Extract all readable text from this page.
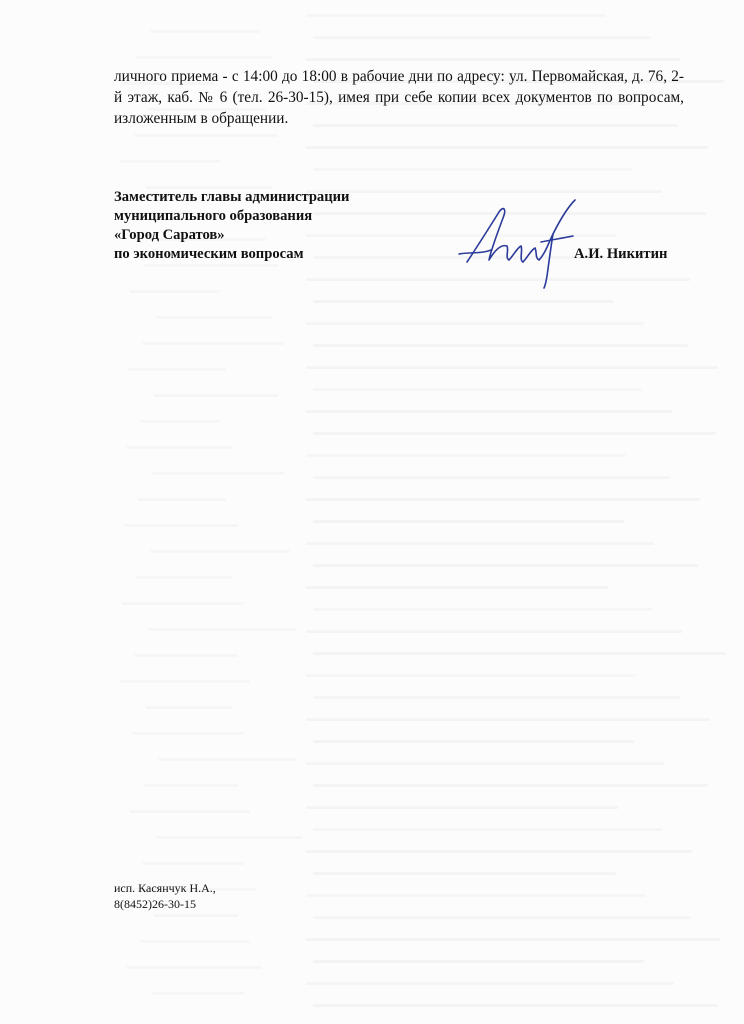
личного приема - с 14:00 до 18:00 в рабочие дни по адресу: ул. Первомайская, д. 76, 2-й этаж, каб. № 6 (тел. 26-30-15), имея при себе копии всех документов по вопросам, изложенным в обращении.
Заместитель главы администрации
муниципального образования
«Город Саратов»
по экономическим вопросам	А.И. Никитин
исп. Касянчук Н.А.,
8(8452)26-30-15
